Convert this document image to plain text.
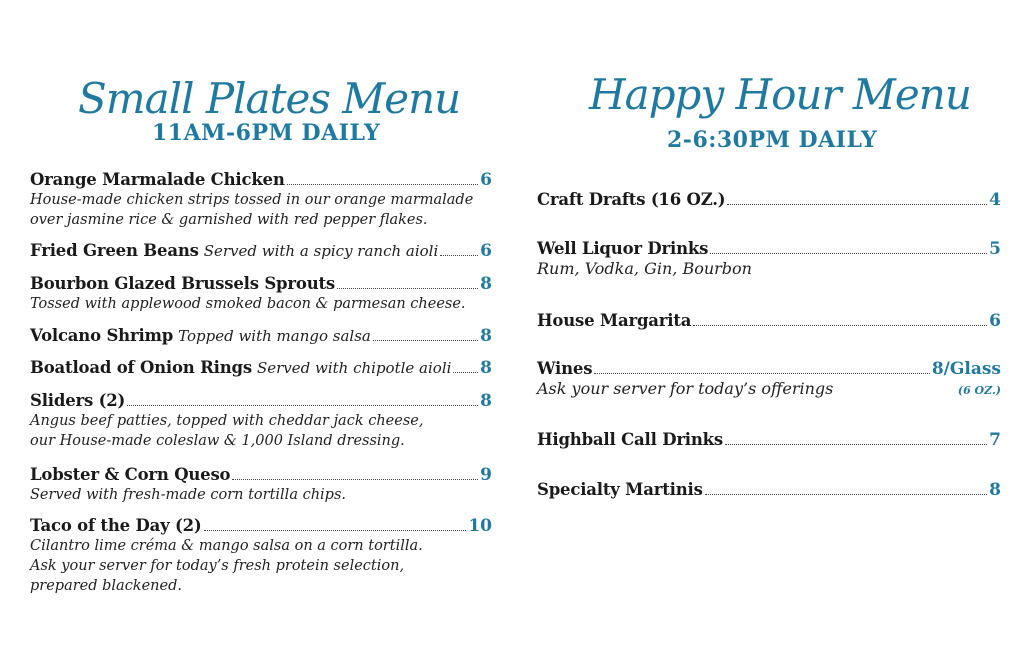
Small Plates Menu
11AM-6PM DAILY
Orange Marmalade Chicken	6
House-made chicken strips tossed in our orange marmalade
over jasmine rice & garnished with red pepper flakes.
Fried Green Beans Served with a spicy ranch aioli 6
Bourbon Glazed Brussels Sprouts	8
Tossed with applewood smoked bacon & parmesan cheese.
Volcano Shrimp Topped with mango salsa	8
Boatload of Onion Rings Served with chipotle aioli 8
Sliders (2)	8
Angus beef patties, topped with cheddar jack cheese,
our House-made coleslaw & 1,000 Island dressing.
Lobster & Corn Queso	9
Served with fresh-made corn tortilla chips.
Taco of the Day (2)	10
Cilantro lime créma & mango salsa on a corn tortilla.
Ask your server for today’s fresh protein selection,
prepared blackened.
Happy Hour Menu
2-6:30PM DAILY
Craft Drafts (16 OZ.)	4
Well Liquor Drinks	5
Rum, Vodka, Gin, Bourbon
House Margarita	6
Wines	8/Glass
Ask your server for today’s offerings	(6 OZ.)
Highball Call Drinks	7
Specialty Martinis	8
